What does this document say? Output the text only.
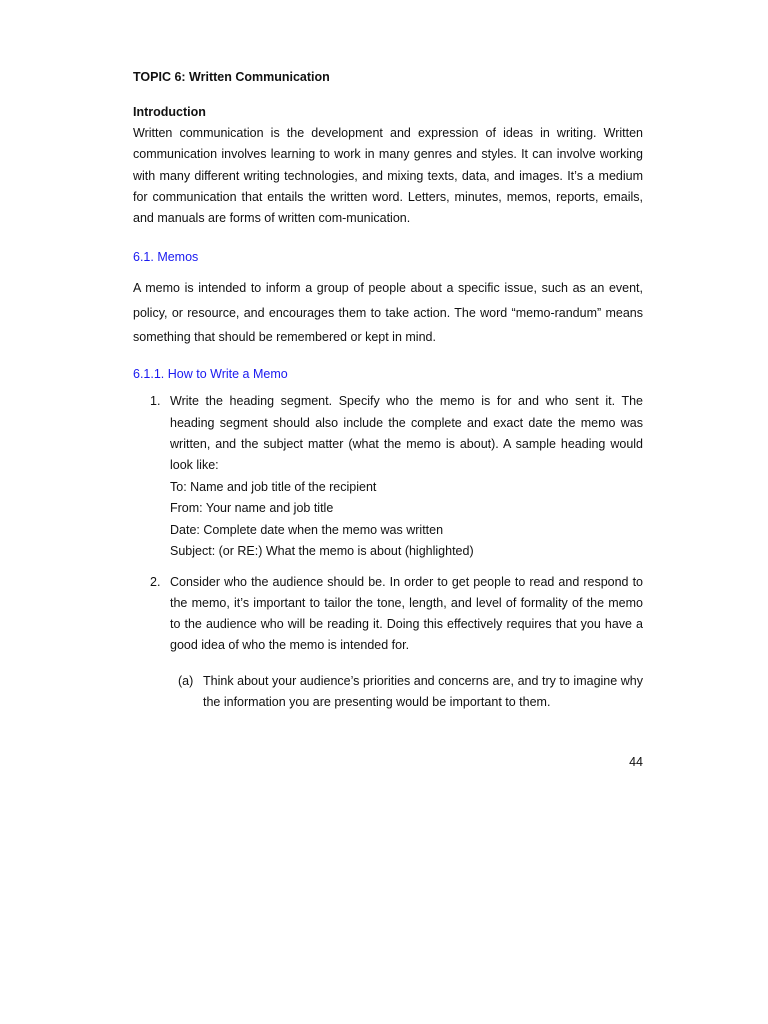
TOPIC 6: Written Communication

Introduction

Written communication is the development and expression of ideas in writing. Written communication involves learning to work in many genres and styles. It can involve working with many different writing technologies, and mixing texts, data, and images. It’s a medium for communication that entails the written word. Letters, minutes, memos, reports, emails, and manuals are forms of written com-munication.

6.1. Memos

A memo is intended to inform a group of people about a specific issue, such as an event, policy, or resource, and encourages them to take action. The word “memo-randum” means something that should be remembered or kept in mind.

6.1.1. How to Write a Memo

1. Write the heading segment. Specify who the memo is for and who sent it. The heading segment should also include the complete and exact date the memo was written, and the subject matter (what the memo is about). A sample heading would look like:
To: Name and job title of the recipient
From: Your name and job title
Date: Complete date when the memo was written
Subject: (or RE:) What the memo is about (highlighted)
2. Consider who the audience should be. In order to get people to read and respond to the memo, it’s important to tailor the tone, length, and level of formality of the memo to the audience who will be reading it. Doing this effectively requires that you have a good idea of who the memo is intended for.
(a) Think about your audience’s priorities and concerns are, and try to imagine why the information you are presenting would be important to them.
44
